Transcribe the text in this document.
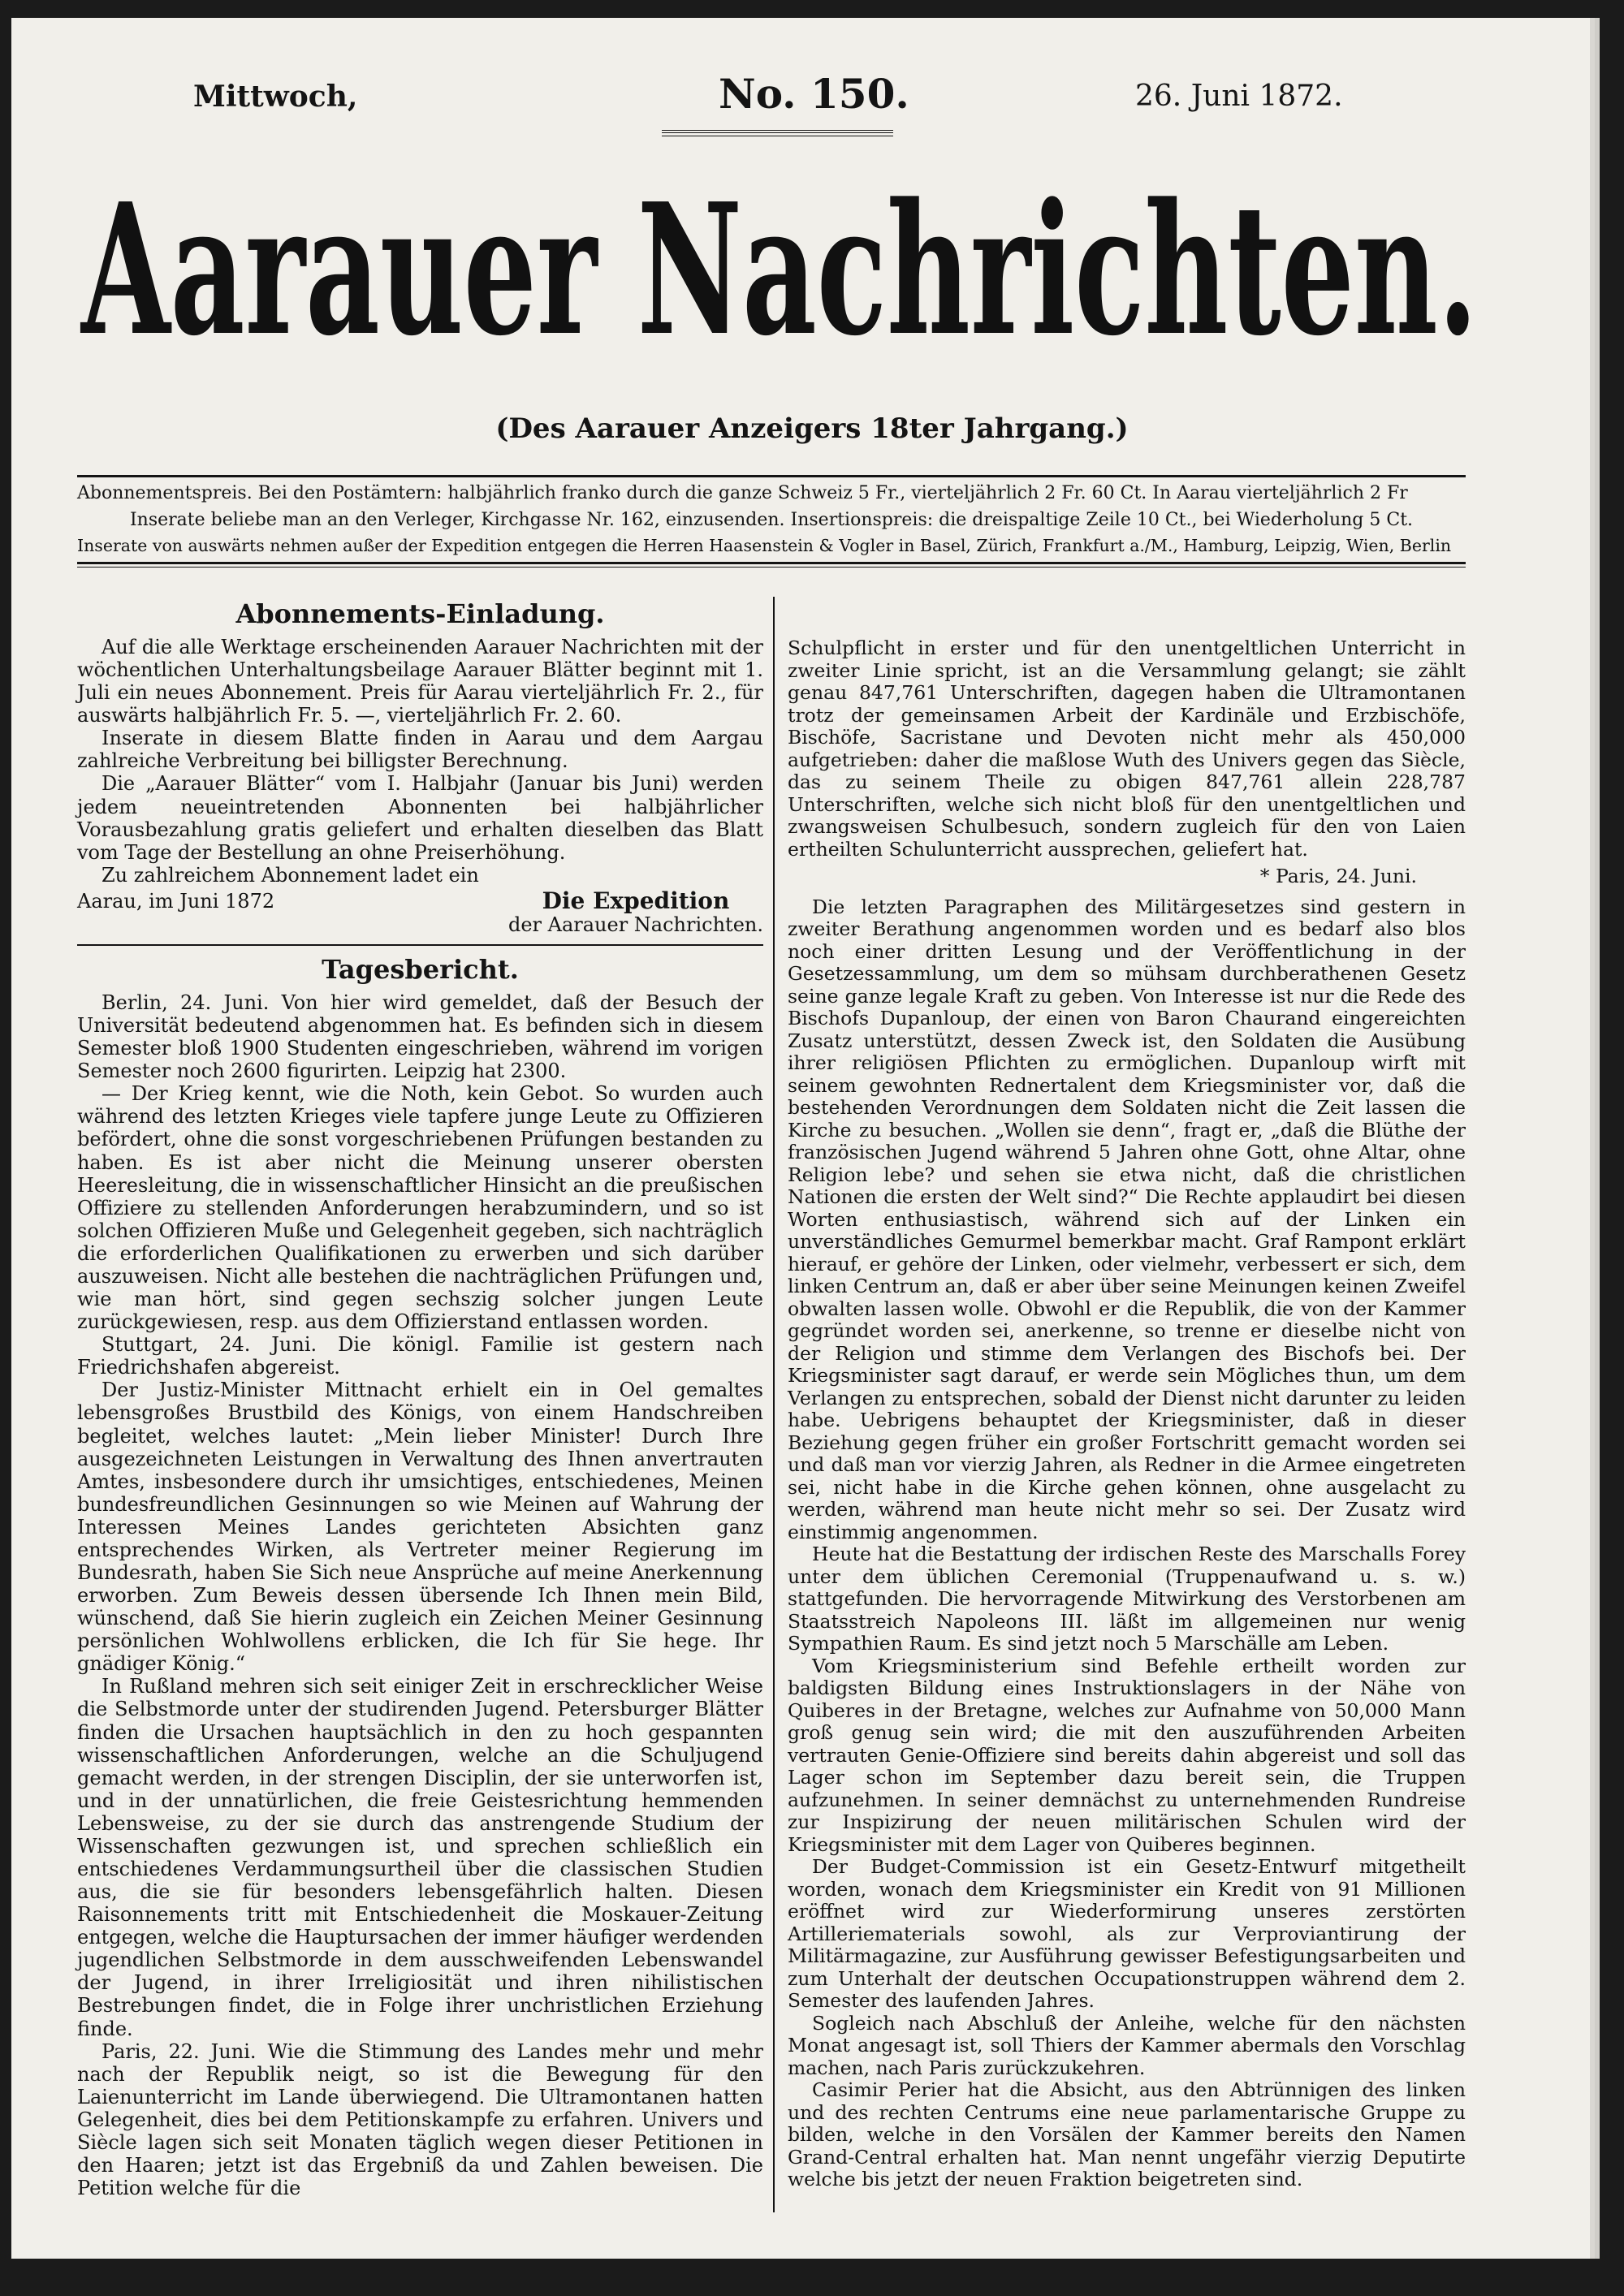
Mittwoch,	No. 150.	26. Juni 1872.
Aarauer Nachrichten.
(Des Aarauer Anzeigers 18ter Jahrgang.)
Abonnementspreis. Bei den Postämtern: halbjährlich franko durch die ganze Schweiz 5 Fr., vierteljährlich 2 Fr. 60 Ct. In Aarau vierteljährlich 2 Fr
Inserate beliebe man an den Verleger, Kirchgasse Nr. 162, einzusenden. Insertionspreis: die dreispaltige Zeile 10 Ct., bei Wiederholung 5 Ct.
Inserate von auswärts nehmen außer der Expedition entgegen die Herren Haasenstein & Vogler in Basel, Zürich, Frankfurt a./M., Hamburg, Leipzig, Wien, Berlin
Abonnements-Einladung.

Auf die alle Werktage erscheinenden Aarauer Nachrichten mit der wöchentlichen Unterhaltungsbeilage Aarauer Blätter beginnt mit 1. Juli ein neues Abonnement. Preis für Aarau vierteljährlich Fr. 2., für auswärts halbjährlich Fr. 5. —, vierteljährlich Fr. 2. 60.

Inserate in diesem Blatte finden in Aarau und dem Aargau zahlreiche Verbreitung bei billigster Berechnung.

Die „Aarauer Blätter“ vom I. Halbjahr (Januar bis Juni) werden jedem neueintretenden Abonnenten bei halbjährlicher Vorausbezahlung gratis geliefert und erhalten dieselben das Blatt vom Tage der Bestellung an ohne Preiserhöhung.

Zu zahlreichem Abonnement ladet ein

Aarau, im Juni 1872	Die Expedition
der Aarauer Nachrichten.
Tagesbericht.

Berlin, 24. Juni. Von hier wird gemeldet, daß der Besuch der Universität bedeutend abgenommen hat. Es befinden sich in diesem Semester bloß 1900 Studenten eingeschrieben, während im vorigen Semester noch 2600 figurirten. Leipzig hat 2300.

— Der Krieg kennt, wie die Noth, kein Gebot. So wurden auch während des letzten Krieges viele tapfere junge Leute zu Offizieren befördert, ohne die sonst vorgeschriebenen Prüfungen bestanden zu haben. Es ist aber nicht die Meinung unserer obersten Heeresleitung, die in wissenschaftlicher Hinsicht an die preußischen Offiziere zu stellenden Anforderungen herabzumindern, und so ist solchen Offizieren Muße und Gelegenheit gegeben, sich nachträglich die erforderlichen Qualifikationen zu erwerben und sich darüber auszuweisen. Nicht alle bestehen die nachträglichen Prüfungen und, wie man hört, sind gegen sechszig solcher jungen Leute zurückgewiesen, resp. aus dem Offizierstand entlassen worden.

Stuttgart, 24. Juni. Die königl. Familie ist gestern nach Friedrichshafen abgereist.

Der Justiz-Minister Mittnacht erhielt ein in Oel gemaltes lebensgroßes Brustbild des Königs, von einem Handschreiben begleitet, welches lautet: „Mein lieber Minister! Durch Ihre ausgezeichneten Leistungen in Verwaltung des Ihnen anvertrauten Amtes, insbesondere durch ihr umsichtiges, entschiedenes, Meinen bundesfreundlichen Gesinnungen so wie Meinen auf Wahrung der Interessen Meines Landes gerichteten Absichten ganz entsprechendes Wirken, als Vertreter meiner Regierung im Bundesrath, haben Sie Sich neue Ansprüche auf meine Anerkennung erworben. Zum Beweis dessen übersende Ich Ihnen mein Bild, wünschend, daß Sie hierin zugleich ein Zeichen Meiner Gesinnung persönlichen Wohlwollens erblicken, die Ich für Sie hege. Ihr gnädiger König.“

In Rußland mehren sich seit einiger Zeit in erschrecklicher Weise die Selbstmorde unter der studirenden Jugend. Petersburger Blätter finden die Ursachen hauptsächlich in den zu hoch gespannten wissenschaftlichen Anforderungen, welche an die Schuljugend gemacht werden, in der strengen Disciplin, der sie unterworfen ist, und in der unnatürlichen, die freie Geistesrichtung hemmenden Lebensweise, zu der sie durch das anstrengende Studium der Wissenschaften gezwungen ist, und sprechen schließlich ein entschiedenes Verdammungsurtheil über die classischen Studien aus, die sie für besonders lebensgefährlich halten. Diesen Raisonnements tritt mit Entschiedenheit die Moskauer-Zeitung entgegen, welche die Hauptursachen der immer häufiger werdenden jugendlichen Selbstmorde in dem ausschweifenden Lebenswandel der Jugend, in ihrer Irreligiosität und ihren nihilistischen Bestrebungen findet, die in Folge ihrer unchristlichen Erziehung finde.

Paris, 22. Juni. Wie die Stimmung des Landes mehr und mehr nach der Republik neigt, so ist die Bewegung für den Laienunterricht im Lande überwiegend. Die Ultramontanen hatten Gelegenheit, dies bei dem Petitionskampfe zu erfahren. Univers und Siècle lagen sich seit Monaten täglich wegen dieser Petitionen in den Haaren; jetzt ist das Ergebniß da und Zahlen beweisen. Die Petition welche für die

Schulpflicht in erster und für den unentgeltlichen Unterricht in zweiter Linie spricht, ist an die Versammlung gelangt; sie zählt genau 847,761 Unterschriften, dagegen haben die Ultramontanen trotz der gemeinsamen Arbeit der Kardinäle und Erzbischöfe, Bischöfe, Sacristane und Devoten nicht mehr als 450,000 aufgetrieben: daher die maßlose Wuth des Univers gegen das Siècle, das zu seinem Theile zu obigen 847,761 allein 228,787 Unterschriften, welche sich nicht bloß für den unentgeltlichen und zwangsweisen Schulbesuch, sondern zugleich für den von Laien ertheilten Schulunterricht aussprechen, geliefert hat.

* Paris, 24. Juni.

Die letzten Paragraphen des Militärgesetzes sind gestern in zweiter Berathung angenommen worden und es bedarf also blos noch einer dritten Lesung und der Veröffentlichung in der Gesetzessammlung, um dem so mühsam durchberathenen Gesetz seine ganze legale Kraft zu geben. Von Interesse ist nur die Rede des Bischofs Dupanloup, der einen von Baron Chaurand eingereichten Zusatz unterstützt, dessen Zweck ist, den Soldaten die Ausübung ihrer religiösen Pflichten zu ermöglichen. Dupanloup wirft mit seinem gewohnten Rednertalent dem Kriegsminister vor, daß die bestehenden Verordnungen dem Soldaten nicht die Zeit lassen die Kirche zu besuchen. „Wollen sie denn“, fragt er, „daß die Blüthe der französischen Jugend während 5 Jahren ohne Gott, ohne Altar, ohne Religion lebe? und sehen sie etwa nicht, daß die christlichen Nationen die ersten der Welt sind?“ Die Rechte applaudirt bei diesen Worten enthusiastisch, während sich auf der Linken ein unverständliches Gemurmel bemerkbar macht. Graf Rampont erklärt hierauf, er gehöre der Linken, oder vielmehr, verbessert er sich, dem linken Centrum an, daß er aber über seine Meinungen keinen Zweifel obwalten lassen wolle. Obwohl er die Republik, die von der Kammer gegründet worden sei, anerkenne, so trenne er dieselbe nicht von der Religion und stimme dem Verlangen des Bischofs bei. Der Kriegsminister sagt darauf, er werde sein Mögliches thun, um dem Verlangen zu entsprechen, sobald der Dienst nicht darunter zu leiden habe. Uebrigens behauptet der Kriegsminister, daß in dieser Beziehung gegen früher ein großer Fortschritt gemacht worden sei und daß man vor vierzig Jahren, als Redner in die Armee eingetreten sei, nicht habe in die Kirche gehen können, ohne ausgelacht zu werden, während man heute nicht mehr so sei. Der Zusatz wird einstimmig angenommen.

Heute hat die Bestattung der irdischen Reste des Marschalls Forey unter dem üblichen Ceremonial (Truppenaufwand u. s. w.) stattgefunden. Die hervorragende Mitwirkung des Verstorbenen am Staatsstreich Napoleons III. läßt im allgemeinen nur wenig Sympathien Raum. Es sind jetzt noch 5 Marschälle am Leben.

Vom Kriegsministerium sind Befehle ertheilt worden zur baldigsten Bildung eines Instruktionslagers in der Nähe von Quiberes in der Bretagne, welches zur Aufnahme von 50,000 Mann groß genug sein wird; die mit den auszuführenden Arbeiten vertrauten Genie-Offiziere sind bereits dahin abgereist und soll das Lager schon im September dazu bereit sein, die Truppen aufzunehmen. In seiner demnächst zu unternehmenden Rundreise zur Inspizirung der neuen militärischen Schulen wird der Kriegsminister mit dem Lager von Quiberes beginnen.

Der Budget-Commission ist ein Gesetz-Entwurf mitgetheilt worden, wonach dem Kriegsminister ein Kredit von 91 Millionen eröffnet wird zur Wiederformirung unseres zerstörten Artilleriematerials sowohl, als zur Verproviantirung der Militärmagazine, zur Ausführung gewisser Befestigungsarbeiten und zum Unterhalt der deutschen Occupationstruppen während dem 2. Semester des laufenden Jahres.

Sogleich nach Abschluß der Anleihe, welche für den nächsten Monat angesagt ist, soll Thiers der Kammer abermals den Vorschlag machen, nach Paris zurückzukehren.

Casimir Perier hat die Absicht, aus den Abtrünnigen des linken und des rechten Centrums eine neue parlamentarische Gruppe zu bilden, welche in den Vorsälen der Kammer bereits den Namen Grand-Central erhalten hat. Man nennt ungefähr vierzig Deputirte welche bis jetzt der neuen Fraktion beigetreten sind.
